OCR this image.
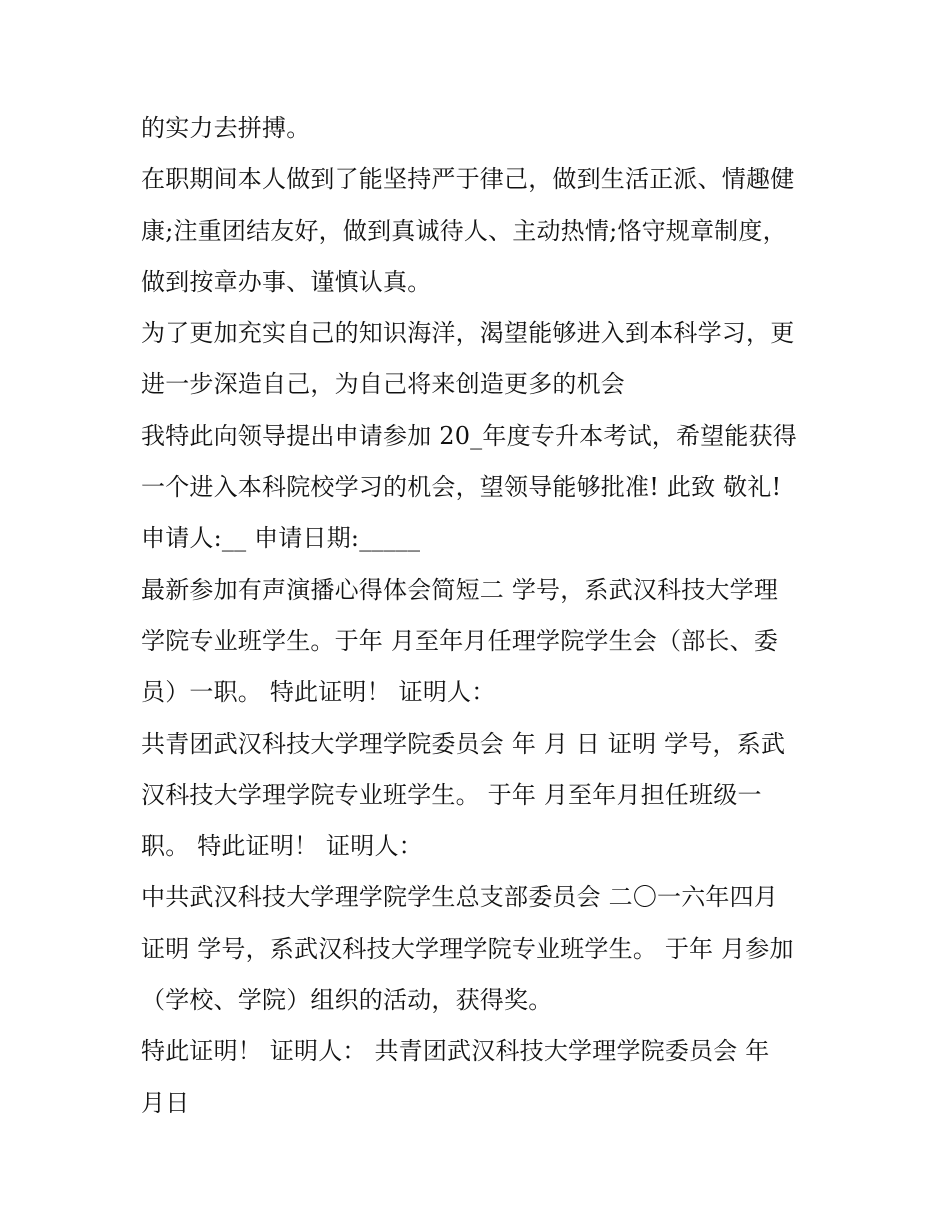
的实力去拼搏。
在职期间本人做到了能坚持严于律己，做到生活正派、情趣健
康;注重团结友好，做到真诚待人、主动热情;恪守规章制度，
做到按章办事、谨慎认真。
为了更加充实自己的知识海洋，渴望能够进入到本科学习，更
进一步深造自己，为自己将来创造更多的机会
我特此向领导提出申请参加 20_年度专升本考试，希望能获得
一个进入本科院校学习的机会，望领导能够批准! 此致 敬礼!
申请人:__ 申请日期:_____
最新参加有声演播心得体会简短二 学号，系武汉科技大学理
学院专业班学生。于年 月至年月任理学院学生会（部长、委
员）一职。 特此证明！ 证明人：
共青团武汉科技大学理学院委员会 年 月 日 证明 学号，系武
汉科技大学理学院专业班学生。 于年 月至年月担任班级一
职。 特此证明！ 证明人：
中共武汉科技大学理学院学生总支部委员会 二〇一六年四月
证明 学号，系武汉科技大学理学院专业班学生。 于年 月参加
（学校、学院）组织的活动，获得奖。
特此证明！ 证明人： 共青团武汉科技大学理学院委员会 年
月日
